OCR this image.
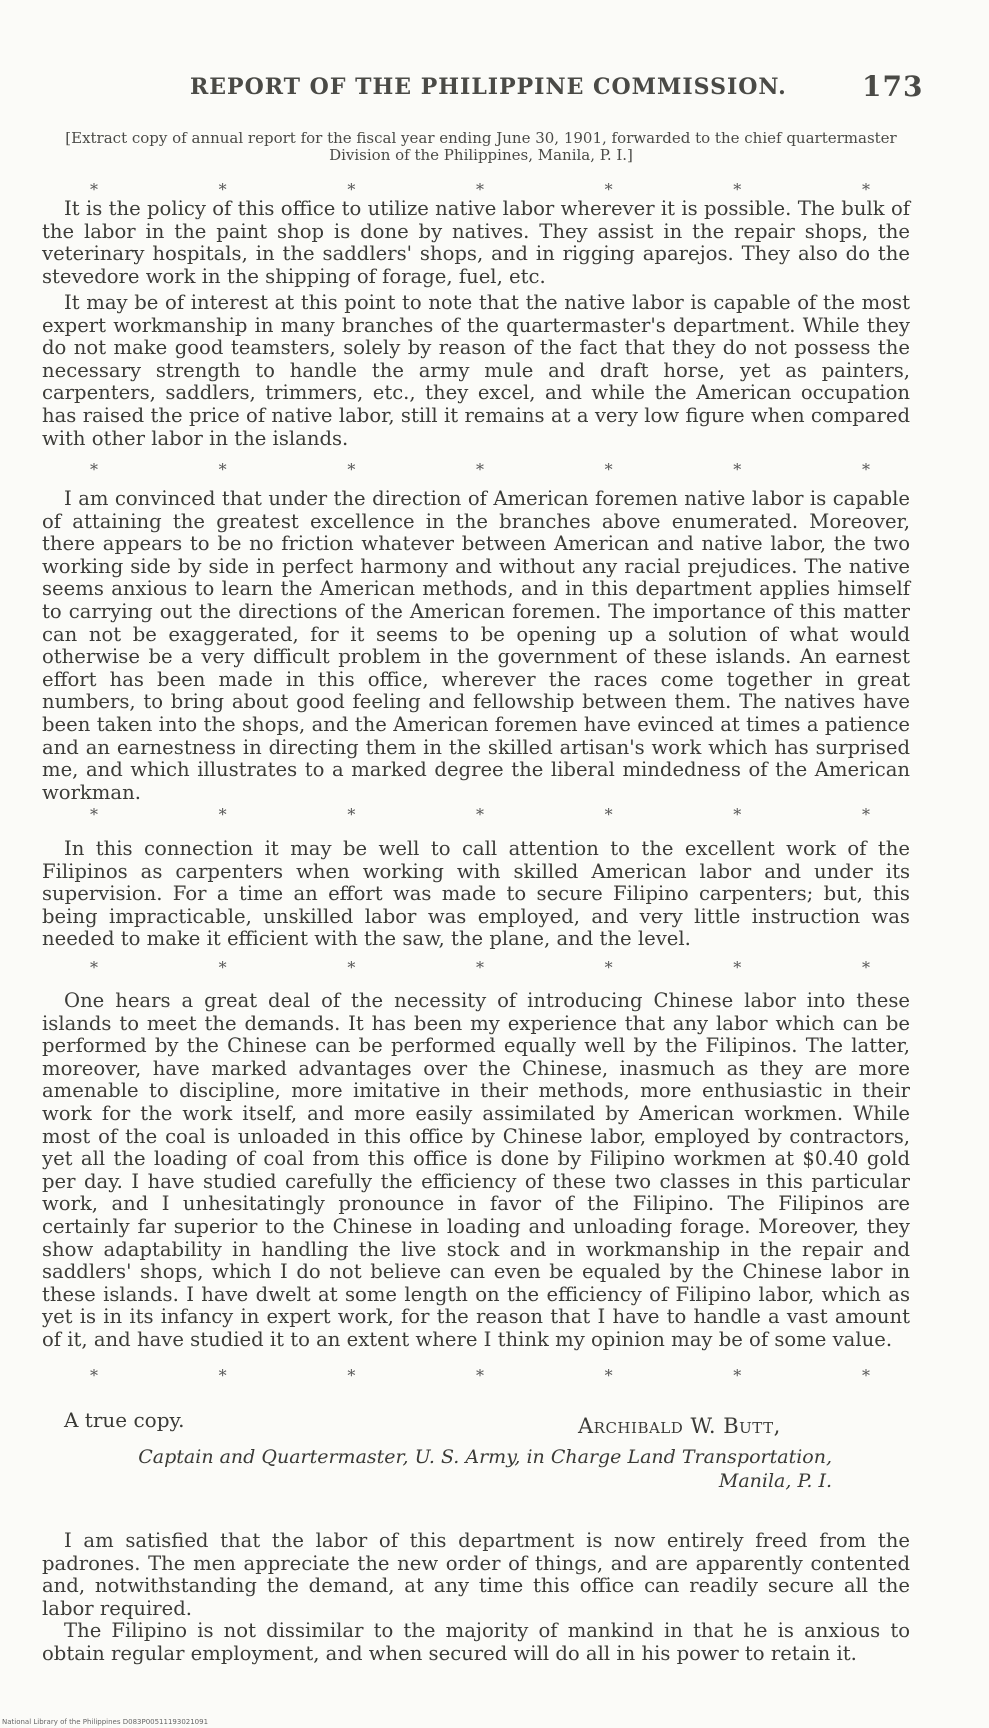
REPORT OF THE PHILIPPINE COMMISSION.	173
[Extract copy of annual report for the fiscal year ending June 30, 1901, forwarded to the chief quartermaster Division of the Philippines, Manila, P. I.]
*	*	*	*	*	*	*

It is the policy of this office to utilize native labor wherever it is possible. The bulk of the labor in the paint shop is done by natives. They assist in the repair shops, the veterinary hospitals, in the saddlers' shops, and in rigging aparejos. They also do the stevedore work in the shipping of forage, fuel, etc.

It may be of interest at this point to note that the native labor is capable of the most expert workmanship in many branches of the quartermaster's department. While they do not make good teamsters, solely by reason of the fact that they do not possess the necessary strength to handle the army mule and draft horse, yet as painters, carpenters, saddlers, trimmers, etc., they excel, and while the American occupation has raised the price of native labor, still it remains at a very low figure when compared with other labor in the islands.

*	*	*	*	*	*	*

I am convinced that under the direction of American foremen native labor is capable of attaining the greatest excellence in the branches above enumerated. Moreover, there appears to be no friction whatever between American and native labor, the two working side by side in perfect harmony and without any racial prejudices. The native seems anxious to learn the American methods, and in this department applies himself to carrying out the directions of the American foremen. The importance of this matter can not be exaggerated, for it seems to be opening up a solution of what would otherwise be a very difficult problem in the government of these islands. An earnest effort has been made in this office, wherever the races come together in great numbers, to bring about good feeling and fellowship between them. The natives have been taken into the shops, and the American foremen have evinced at times a patience and an earnestness in directing them in the skilled artisan's work which has surprised me, and which illustrates to a marked degree the liberal mindedness of the American workman.

*	*	*	*	*	*	*

In this connection it may be well to call attention to the excellent work of the Filipinos as carpenters when working with skilled American labor and under its supervision. For a time an effort was made to secure Filipino carpenters; but, this being impracticable, unskilled labor was employed, and very little instruction was needed to make it efficient with the saw, the plane, and the level.

*	*	*	*	*	*	*

One hears a great deal of the necessity of introducing Chinese labor into these islands to meet the demands. It has been my experience that any labor which can be performed by the Chinese can be performed equally well by the Filipinos. The latter, moreover, have marked advantages over the Chinese, inasmuch as they are more amenable to discipline, more imitative in their methods, more enthusiastic in their work for the work itself, and more easily assimilated by American workmen. While most of the coal is unloaded in this office by Chinese labor, employed by contractors, yet all the loading of coal from this office is done by Filipino workmen at $0.40 gold per day. I have studied carefully the efficiency of these two classes in this particular work, and I unhesitatingly pronounce in favor of the Filipino. The Filipinos are certainly far superior to the Chinese in loading and unloading forage. Moreover, they show adaptability in handling the live stock and in workmanship in the repair and saddlers' shops, which I do not believe can even be equaled by the Chinese labor in these islands. I have dwelt at some length on the efficiency of Filipino labor, which as yet is in its infancy in expert work, for the reason that I have to handle a vast amount of it, and have studied it to an extent where I think my opinion may be of some value.

*	*	*	*	*	*	*
A true copy.	Archibald W. Butt,
Captain and Quartermaster, U. S. Army, in Charge Land Transportation,
Manila, P. I.

I am satisfied that the labor of this department is now entirely freed from the padrones. The men appreciate the new order of things, and are apparently contented and, notwithstanding the demand, at any time this office can readily secure all the labor required.

The Filipino is not dissimilar to the majority of mankind in that he is anxious to obtain regular employment, and when secured will do all in his power to retain it.

National Library of the Philippines D083P00511193021091
